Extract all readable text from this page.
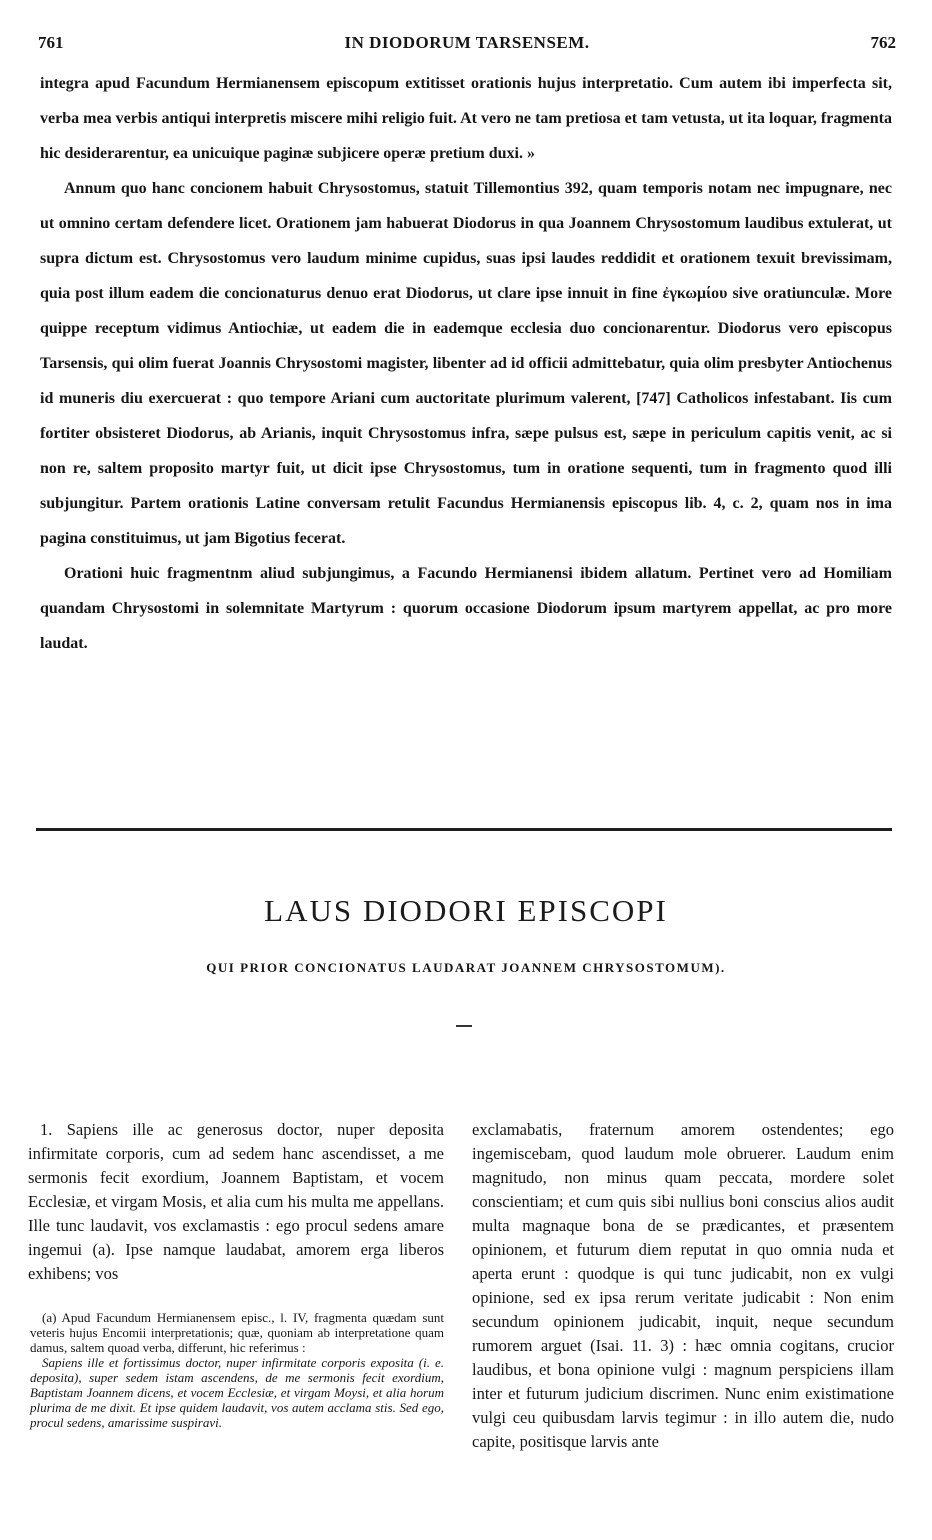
761	IN DIODORUM TARSENSEM.	762

integra apud Facundum Hermianensem episcopum extitisset orationis hujus interpretatio. Cum autem ibi imperfecta sit, verba mea verbis antiqui interpretis miscere mihi religio fuit. At vero ne tam pretiosa et tam vetusta, ut ita loquar, fragmenta hic desiderarentur, ea unicuique paginæ subjicere operæ pretium duxi. »

Annum quo hanc concionem habuit Chrysostomus, statuit Tillemontius 392, quam temporis notam nec impugnare, nec ut omnino certam defendere licet. Orationem jam habuerat Diodorus in qua Joannem Chrysostomum laudibus extulerat, ut supra dictum est. Chrysostomus vero laudum minime cupidus, suas ipsi laudes reddidit et orationem texuit brevissimam, quia post illum eadem die concionaturus denuo erat Diodorus, ut clare ipse innuit in fine ἐγκωμίου sive oratiunculæ. More quippe receptum vidimus Antiochiæ, ut eadem die in eademque ecclesia duo concionarentur. Diodorus vero episcopus Tarsensis, qui olim fuerat Joannis Chrysostomi magister, libenter ad id officii admittebatur, quia olim presbyter Antiochenus id muneris diu exercuerat : quo tempore Ariani cum auctoritate plurimum valerent, [747] Catholicos infestabant. Iis cum fortiter obsisteret Diodorus, ab Arianis, inquit Chrysostomus infra, sæpe pulsus est, sæpe in periculum capitis venit, ac si non re, saltem proposito martyr fuit, ut dicit ipse Chrysostomus, tum in oratione sequenti, tum in fragmento quod illi subjungitur. Partem orationis Latine conversam retulit Facundus Hermianensis episcopus lib. 4, c. 2, quam nos in ima pagina constituimus, ut jam Bigotius fecerat.

Orationi huic fragmentnm aliud subjungimus, a Facundo Hermianensi ibidem allatum. Pertinet vero ad Homiliam quandam Chrysostomi in solemnitate Martyrum : quorum occasione Diodorum ipsum martyrem appellat, ac pro more laudat.

LAUS DIODORI EPISCOPI
QUI PRIOR CONCIONATUS LAUDARAT JOANNEM CHRYSOSTOMUM).

1. Sapiens ille ac generosus doctor, nuper deposita infirmitate corporis, cum ad sedem hanc ascendisset, a me sermonis fecit exordium, Joannem Baptistam, et vocem Ecclesiæ, et virgam Mosis, et alia cum his multa me appellans. Ille tunc laudavit, vos exclamastis : ego procul sedens amare ingemui (a). Ipse namque laudabat, amorem erga liberos exhibens; vos

exclamabatis, fraternum amorem ostendentes; ego ingemiscebam, quod laudum mole obruerer. Laudum enim magnitudo, non minus quam peccata, mordere solet conscientiam; et cum quis sibi nullius boni conscius alios audit multa magnaque bona de se prædicantes, et præsentem opinionem, et futurum diem reputat in quo omnia nuda et aperta erunt : quodque is qui tunc judicabit, non ex vulgi opinione, sed ex ipsa rerum veritate judicabit : Non enim secundum opinionem judicabit, inquit, neque secundum rumorem arguet (Isai. 11. 3) : hæc omnia cogitans, crucior laudibus, et bona opinione vulgi : magnum perspiciens illam inter et futurum judicium discrimen. Nunc enim existimatione vulgi ceu quibusdam larvis tegimur : in illo autem die, nudo capite, positisque larvis ante

(a) Apud Facundum Hermianensem episc., l. IV, fragmenta quædam sunt veteris hujus Encomii interpretationis; quæ, quoniam ab interpretatione quam damus, saltem quoad verba, differunt, hic referimus :

Sapiens ille et fortissimus doctor, nuper infirmitate corporis exposita (i. e. deposita), super sedem istam ascendens, de me sermonis fecit exordium, Baptistam Joannem dicens, et vocem Ecclesiæ, et virgam Moysi, et alia horum plurima de me dixit. Et ipse quidem laudavit, vos autem acclama stis. Sed ego, procul sedens, amarissime suspiravi.
